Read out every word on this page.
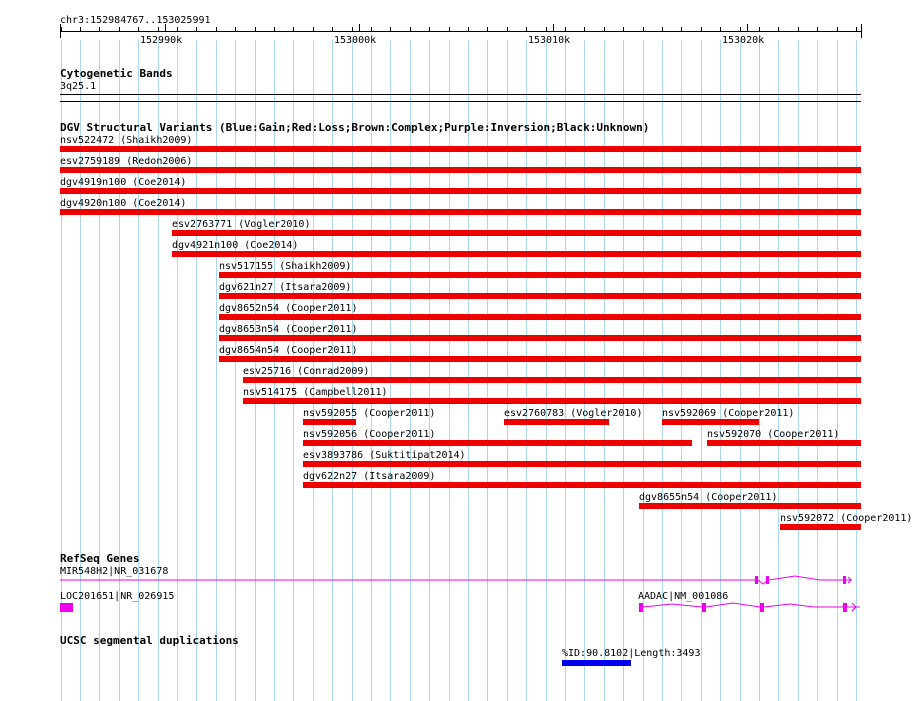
chr3:152984767..153025991
152990k	153000k	153010k	153020k
Cytogenetic Bands
3q25.1
DGV Structural Variants (Blue:Gain;Red:Loss;Brown:Complex;Purple:Inversion;Black:Unknown)
nsv522472 (Shaikh2009)
esv2759189 (Redon2006)
dgv4919n100 (Coe2014)
dgv4920n100 (Coe2014)
esv2763771 (Vogler2010)
dgv4921n100 (Coe2014)
nsv517155 (Shaikh2009)
dgv621n27 (Itsara2009)
dgv8652n54 (Cooper2011)
dgv8653n54 (Cooper2011)
dgv8654n54 (Cooper2011)
esv25716 (Conrad2009)
nsv514175 (Campbell2011)
nsv592055 (Cooper2011)	esv2760783 (Vogler2010) nsv592069 (Cooper2011)
nsv592056 (Cooper2011)	nsv592070 (Cooper2011)
esv3893786 (Suktitipat2014)
dgv622n27 (Itsara2009)
dgv8655n54 (Cooper2011)
nsv592072 (Cooper2011)
RefSeq Genes
MIR548H2|NR_031678
LOC201651|NR_026915	AADAC|NM_001086
UCSC segmental duplications
%ID:90.8102|Length:3493
